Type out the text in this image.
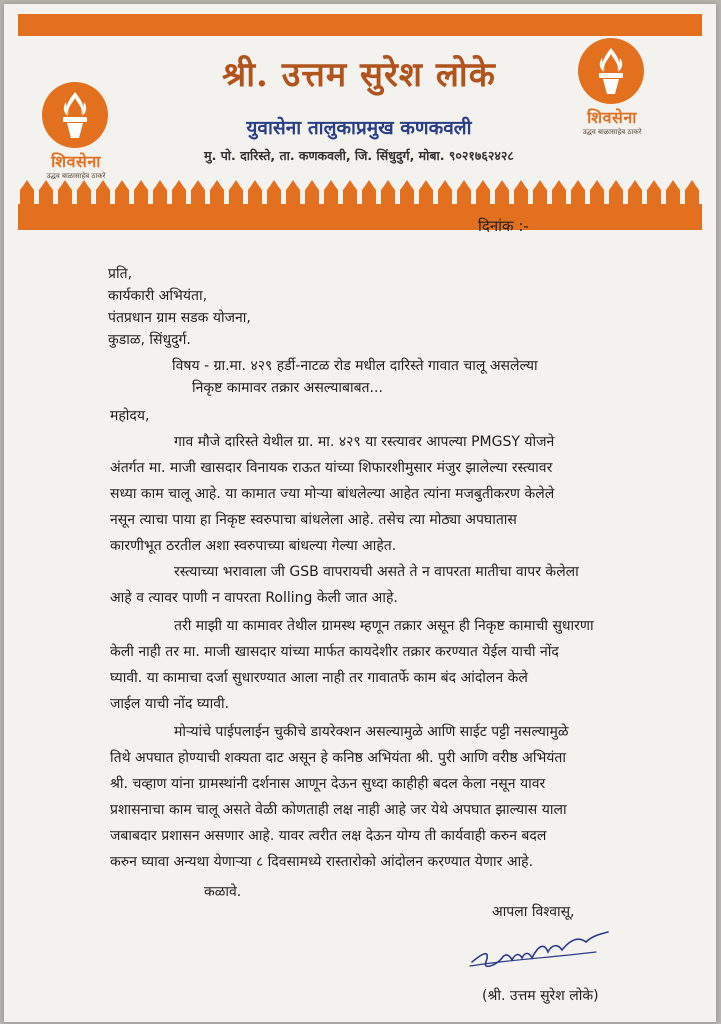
शिवसेना
उद्धव बाळासाहेब ठाकरे
शिवसेना
उद्धव बाळासाहेब ठाकरे
श्री. उत्तम सुरेश लोके
युवासेना तालुकाप्रमुख कणकवली
मु. पो. दारिस्ते, ता. कणकवली, जि. सिंधुदुर्ग, मोबा. ९०२१७६२४२८
दिनांक :-
प्रति,
कार्यकारी अभियंता,
पंतप्रधान ग्राम सडक योजना,
कुडाळ, सिंधुदुर्ग.
विषय - ग्रा.मा. ४२९ हर्डी-नाटळ रोड मधील दारिस्ते गावात चालू असलेल्या
निकृष्ट कामावर तक्रार असल्याबाबत...
महोदय,
गाव मौजे दारिस्ते येथील ग्रा. मा. ४२९ या रस्त्यावर आपल्या PMGSY योजने
अंतर्गत मा. माजी खासदार विनायक राऊत यांच्या शिफारशीमुसार मंजुर झालेल्या रस्त्यावर
सध्या काम चालू आहे. या कामात ज्या मोऱ्या बांधलेल्या आहेत त्यांना मजबुतीकरण केलेले
नसून त्याचा पाया हा निकृष्ट स्वरुपाचा बांधलेला आहे. तसेच त्या मोठ्या अपघातास
कारणीभूत ठरतील अशा स्वरुपाच्या बांधल्या गेल्या आहेत.
रस्त्याच्या भरावाला जी GSB वापरायची असते ते न वापरता मातीचा वापर केलेला
आहे व त्यावर पाणी न वापरता Rolling केली जात आहे.
तरी माझी या कामावर तेथील ग्रामस्थ म्हणून तक्रार असून ही निकृष्ट कामाची सुधारणा
केली नाही तर मा. माजी खासदार यांच्या मार्फत कायदेशीर तक्रार करण्यात येईल याची नोंद
घ्यावी. या कामाचा दर्जा सुधारण्यात आला नाही तर गावातर्फे काम बंद आंदोलन केले
जाईल याची नोंद घ्यावी.
मोऱ्यांचे पाईपलाईन चुकीचे डायरेक्शन असल्यामुळे आणि साईट पट्टी नसल्यामुळे
तिथे अपघात होण्याची शक्यता दाट असून हे कनिष्ठ अभियंता श्री. पुरी आणि वरीष्ठ अभियंता
श्री. चव्हाण यांना ग्रामस्थांनी दर्शनास आणून देऊन सुध्दा काहीही बदल केला नसून यावर
प्रशासनाचा काम चालू असते वेळी कोणताही लक्ष नाही आहे जर येथे अपघात झाल्यास याला
जबाबदार प्रशासन असणार आहे. यावर त्वरीत लक्ष देऊन योग्य ती कार्यवाही करुन बदल
करुन घ्यावा अन्यथा येणाऱ्या ८ दिवसामध्ये रास्तारोको आंदोलन करण्यात येणार आहे.
कळावे.
आपला विश्वासू,
(श्री. उत्तम सुरेश लोके)
